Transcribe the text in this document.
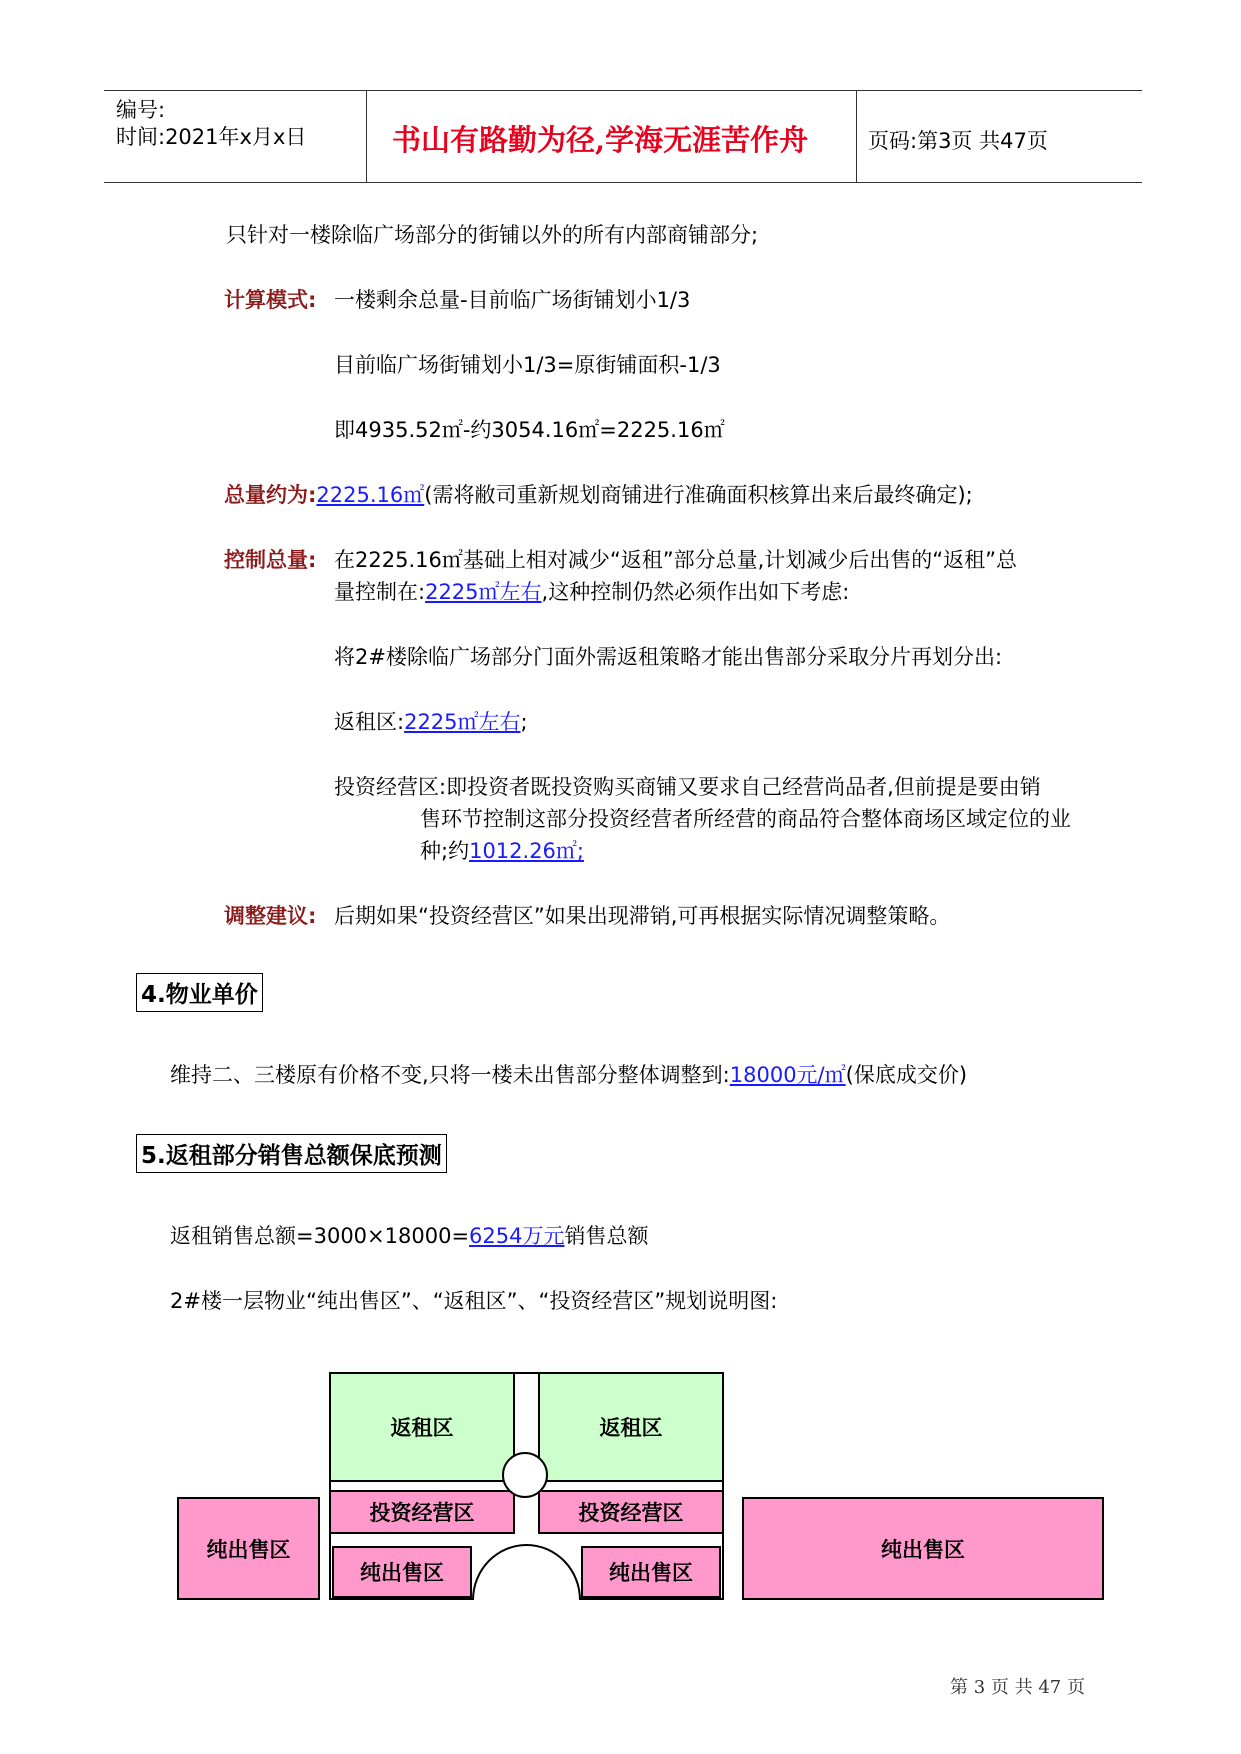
编号:
时间:2021年x月x日	书山有路勤为径,学海无涯苦作舟	页码:第3页 共47页
只针对一楼除临广场部分的街铺以外的所有内部商铺部分;
计算模式: 一楼剩余总量-目前临广场街铺划小1/3
目前临广场街铺划小1/3=原街铺面积-1/3
即4935.52㎡-约3054.16㎡=2225.16㎡
总量约为:2225.16㎡(需将敝司重新规划商铺进行准确面积核算出来后最终确定);
控制总量: 在2225.16㎡基础上相对减少“返租”部分总量,计划减少后出售的“返租”总
量控制在:2225㎡左右,这种控制仍然必须作出如下考虑:
将2#楼除临广场部分门面外需返租策略才能出售部分采取分片再划分出:
返租区:2225㎡左右;
投资经营区:即投资者既投资购买商铺又要求自己经营尚品者,但前提是要由销
售环节控制这部分投资经营者所经营的商品符合整体商场区域定位的业
种;约1012.26㎡;
调整建议: 后期如果“投资经营区”如果出现滞销,可再根据实际情况调整策略。
4.物业单价
维持二、三楼原有价格不变,只将一楼未出售部分整体调整到:18000元/㎡(保底成交价)
5.返租部分销售总额保底预测
返租销售总额=3000×18000=6254万元销售总额
2#楼一层物业“纯出售区”、“返租区”、“投资经营区”规划说明图:
返租区	返租区
投资经营区	投资经营区
纯出售区	纯出售区
纯出售区	纯出售区
第 3 页 共 47 页
